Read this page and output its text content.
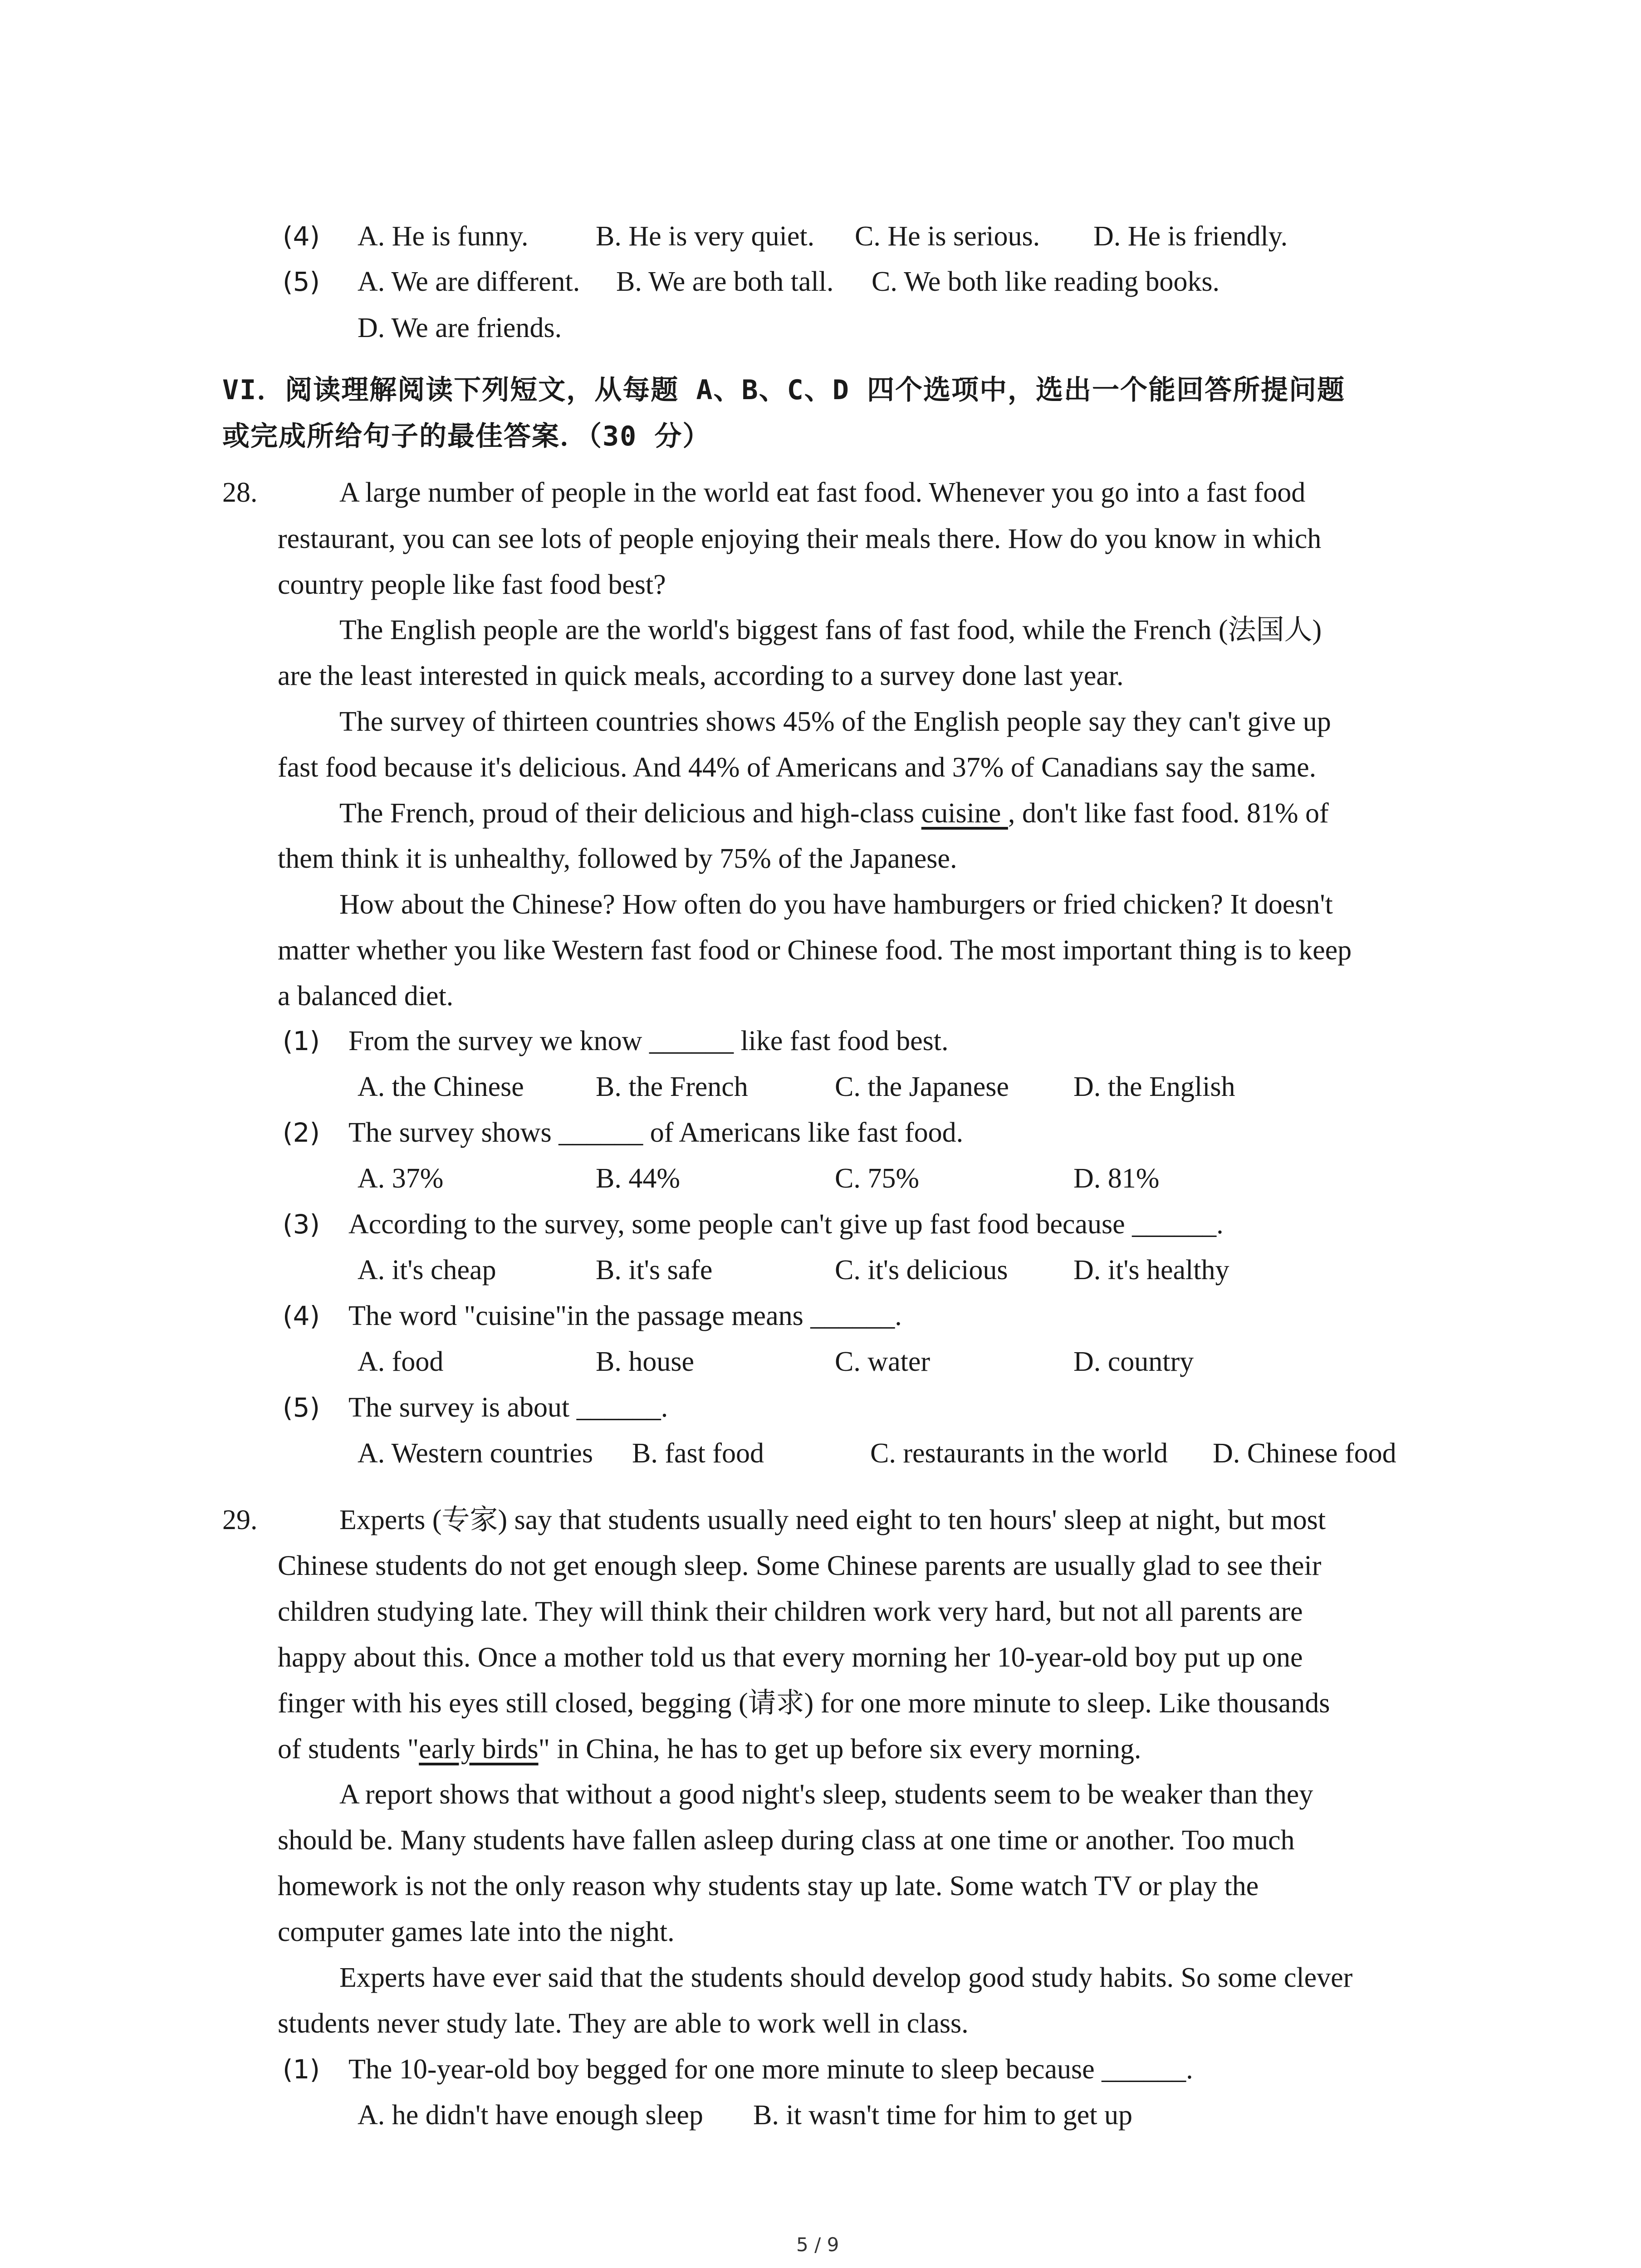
(4) A. He is funny. B. He is very quiet. C. He is serious. D. He is friendly.
(5) A. We are different. B. We are both tall. C. We both like reading books.
D. We are friends.
VI．阅读理解阅读下列短文，从每题 A、B、C、D 四个选项中，选出一个能回答所提问题
或完成所给句子的最佳答案．（30 分）
28.	A large number of people in the world eat fast food. Whenever you go into a fast food
restaurant, you can see lots of people enjoying their meals there. How do you know in which
country people like fast food best?
The English people are the world's biggest fans of fast food, while the French (法国人)
are the least interested in quick meals, according to a survey done last year.
The survey of thirteen countries shows 45% of the English people say they can't give up
fast food because it's delicious. And 44% of Americans and 37% of Canadians say the same.
The French, proud of their delicious and high-class cuisine , don't like fast food. 81% of
them think it is unhealthy, followed by 75% of the Japanese.
How about the Chinese? How often do you have hamburgers or fried chicken? It doesn't
matter whether you like Western fast food or Chinese food. The most important thing is to keep
a balanced diet.
(1) From the survey we know ______ like fast food best.
A. the Chinese	B. the French	C. the Japanese D. the English
(2) The survey shows ______ of Americans like fast food.
A. 37%	B. 44%	C. 75%	D. 81%
(3) According to the survey, some people can't give up fast food because ______.
A. it's cheap	B. it's safe	C. it's delicious D. it's healthy
(4) The word "cuisine"in the passage means ______.
A. food	B. house	C. water	D. country
(5) The survey is about ______.
A. Western countries B. fast food	C. restaurants in the world D. Chinese food
29.	Experts (专家) say that students usually need eight to ten hours' sleep at night, but most
Chinese students do not get enough sleep. Some Chinese parents are usually glad to see their
children studying late. They will think their children work very hard, but not all parents are
happy about this. Once a mother told us that every morning her 10-year-old boy put up one
finger with his eyes still closed, begging (请求) for one more minute to sleep. Like thousands
of students "early birds" in China, he has to get up before six every morning.
A report shows that without a good night's sleep, students seem to be weaker than they
should be. Many students have fallen asleep during class at one time or another. Too much
homework is not the only reason why students stay up late. Some watch TV or play the
computer games late into the night.
Experts have ever said that the students should develop good study habits. So some clever
students never study late. They are able to work well in class.
(1) The 10-year-old boy begged for one more minute to sleep because ______.
A. he didn't have enough sleep B. it wasn't time for him to get up
5 / 9
